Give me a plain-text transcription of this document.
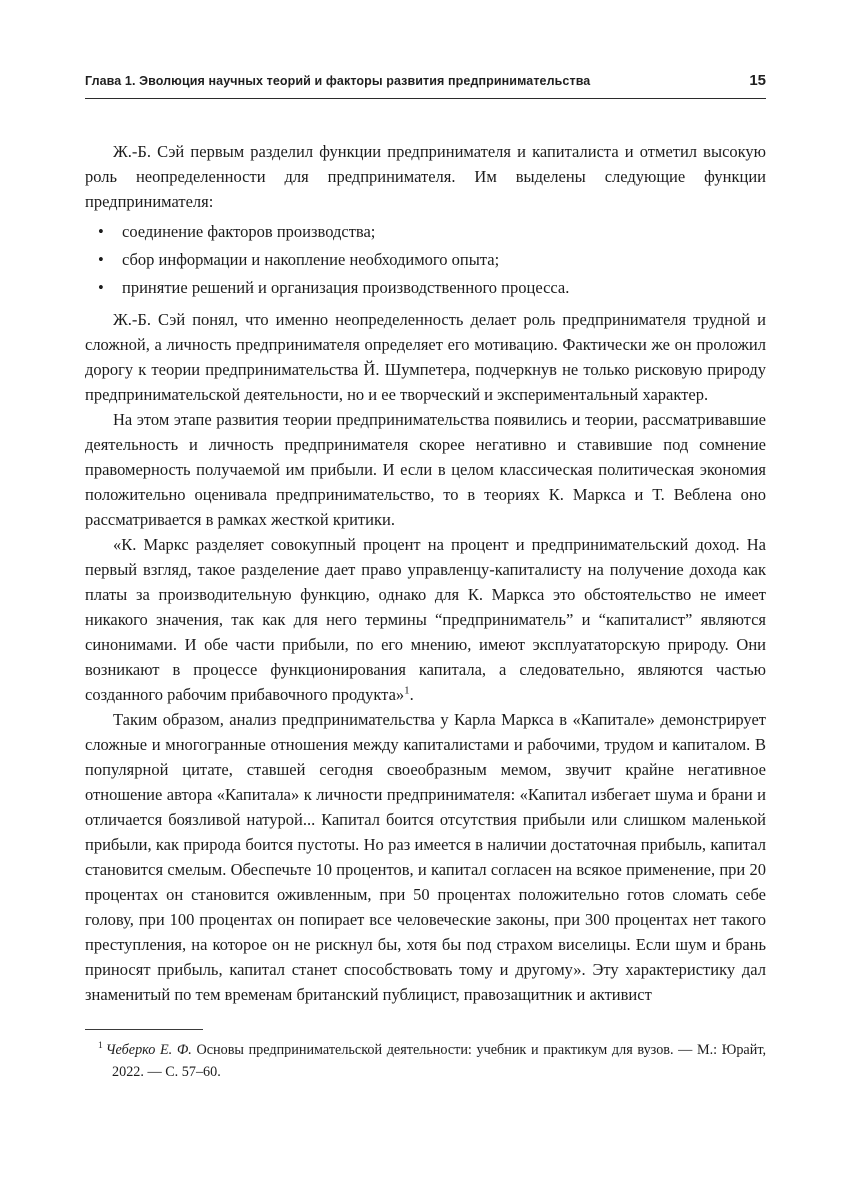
Глава 1. Эволюция научных теорий и факторы развития предпринимательства	15

Ж.-Б. Сэй первым разделил функции предпринимателя и капиталиста и отметил высокую роль неопределенности для предпринимателя. Им выделены следующие функции предпринимателя:

• соединение факторов производства;
• сбор информации и накопление необходимого опыта;
• принятие решений и организация производственного процесса.

Ж.-Б. Сэй понял, что именно неопределенность делает роль предпринимателя трудной и сложной, а личность предпринимателя определяет его мотивацию. Фактически же он проложил дорогу к теории предпринимательства Й. Шумпетера, подчеркнув не только рисковую природу предпринимательской деятельности, но и ее творческий и экспериментальный характер.

На этом этапе развития теории предпринимательства появились и теории, рассматривавшие деятельность и личность предпринимателя скорее негативно и ставившие под сомнение правомерность получаемой им прибыли. И если в целом классическая политическая экономия положительно оценивала предпринимательство, то в теориях К. Маркса и Т. Веблена оно рассматривается в рамках жесткой критики.

«К. Маркс разделяет совокупный процент на процент и предпринимательский доход. На первый взгляд, такое разделение дает право управленцу-капиталисту на получение дохода как платы за производительную функцию, однако для К. Маркса это обстоятельство не имеет никакого значения, так как для него термины “предприниматель” и “капиталист” являются синонимами. И обе части прибыли, по его мнению, имеют эксплуататорскую природу. Они возникают в процессе функционирования капитала, а следовательно, являются частью созданного рабочим прибавочного продукта»$^1$.

Таким образом, анализ предпринимательства у Карла Маркса в «Капитале» демонстрирует сложные и многогранные отношения между капиталистами и рабочими, трудом и капиталом. В популярной цитате, ставшей сегодня своеобразным мемом, звучит крайне негативное отношение автора «Капитала» к личности предпринимателя: «Капитал избегает шума и брани и отличается боязливой натурой... Капитал боится отсутствия прибыли или слишком маленькой прибыли, как природа боится пустоты. Но раз имеется в наличии достаточная прибыль, капитал становится смелым. Обеспечьте 10 процентов, и капитал согласен на всякое применение, при 20 процентах он становится оживленным, при 50 процентах положительно готов сломать себе голову, при 100 процентах он попирает все человеческие законы, при 300 процентах нет такого преступления, на которое он не рискнул бы, хотя бы под страхом виселицы. Если шум и брань приносят прибыль, капитал станет способствовать тому и другому». Эту характеристику дал знаменитый по тем временам британский публицист, правозащитник и активист

$^1$ Чеберко Е. Ф. Основы предпринимательской деятельности: учебник и практикум для вузов. — М.: Юрайт, 2022. — С. 57–60.
